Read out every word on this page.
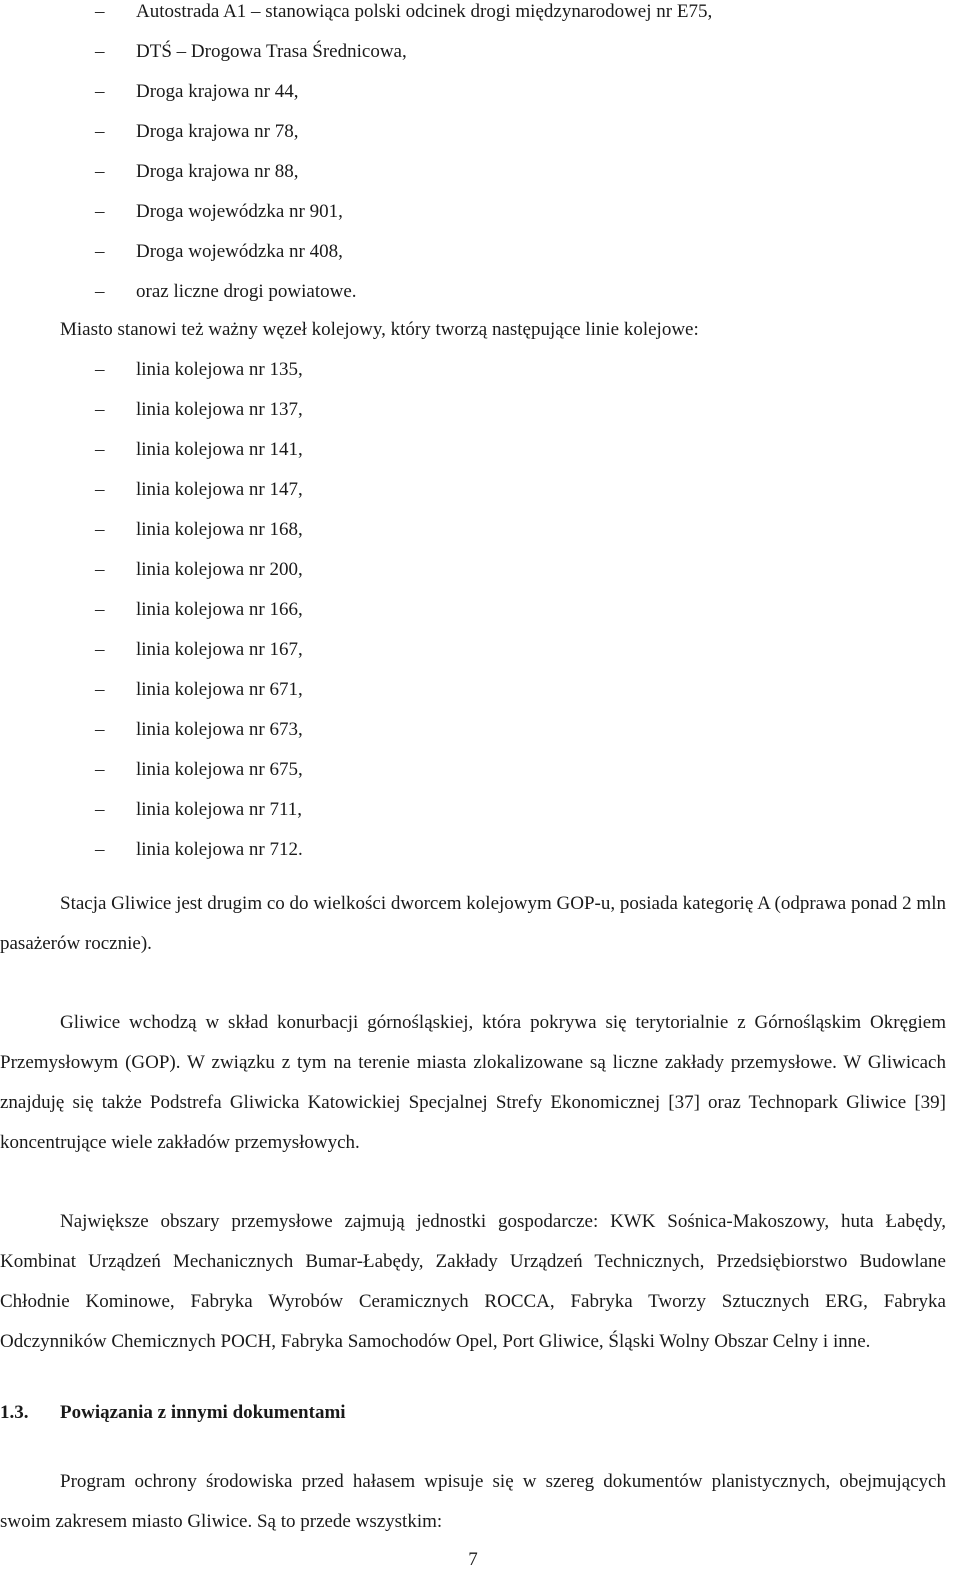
–	Autostrada A1 – stanowiąca polski odcinek drogi międzynarodowej nr E75,
–	DTŚ – Drogowa Trasa Średnicowa,
–	Droga krajowa nr 44,
–	Droga krajowa nr 78,
–	Droga krajowa nr 88,
–	Droga wojewódzka nr 901,
–	Droga wojewódzka nr 408,
–	oraz liczne drogi powiatowe.
Miasto stanowi też ważny węzeł kolejowy, który tworzą następujące linie kolejowe:
–	linia kolejowa nr 135,
–	linia kolejowa nr 137,
–	linia kolejowa nr 141,
–	linia kolejowa nr 147,
–	linia kolejowa nr 168,
–	linia kolejowa nr 200,
–	linia kolejowa nr 166,
–	linia kolejowa nr 167,
–	linia kolejowa nr 671,
–	linia kolejowa nr 673,
–	linia kolejowa nr 675,
–	linia kolejowa nr 711,
–	linia kolejowa nr 712.

Stacja Gliwice jest drugim co do wielkości dworcem kolejowym GOP-u, posiada kategorię A (odprawa ponad 2 mln pasażerów rocznie).

Gliwice wchodzą w skład konurbacji górnośląskiej, która pokrywa się terytorialnie z Górnośląskim Okręgiem Przemysłowym (GOP). W związku z tym na terenie miasta zlokalizowane są liczne zakłady przemysłowe. W Gliwicach znajduję się także Podstrefa Gliwicka Katowickiej Specjalnej Strefy Ekonomicznej [37] oraz Technopark Gliwice [39] koncentrujące wiele zakładów przemysłowych.

Największe obszary przemysłowe zajmują jednostki gospodarcze: KWK Sośnica-Makoszowy, huta Łabędy, Kombinat Urządzeń Mechanicznych Bumar-Łabędy, Zakłady Urządzeń Technicznych, Przedsiębiorstwo Budowlane Chłodnie Kominowe, Fabryka Wyrobów Ceramicznych ROCCA, Fabryka Tworzy Sztucznych ERG, Fabryka Odczynników Chemicznych POCH, Fabryka Samochodów Opel, Port Gliwice, Śląski Wolny Obszar Celny i inne.

1.3. Powiązania z innymi dokumentami

Program ochrony środowiska przed hałasem wpisuje się w szereg dokumentów planistycznych, obejmujących swoim zakresem miasto Gliwice. Są to przede wszystkim:

7
